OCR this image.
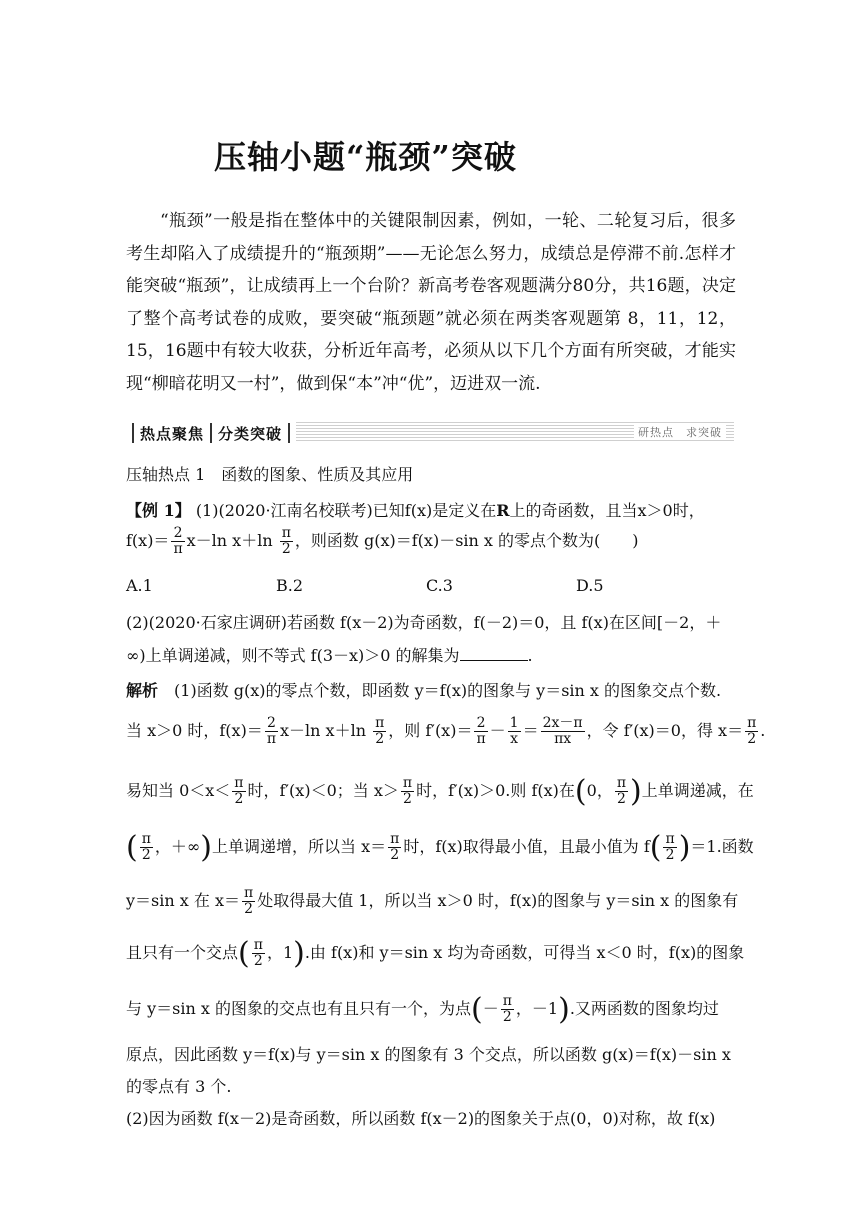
压轴小题“瓶颈”突破

“瓶颈”一般是指在整体中的关键限制因素，例如，一轮、二轮复习后，很多考生却陷入了成绩提升的“瓶颈期”——无论怎么努力，成绩总是停滞不前.怎样才能突破“瓶颈”，让成绩再上一个台阶？新高考卷客观题满分80分，共16题，决定了整个高考试卷的成败，要突破“瓶颈题”就必须在两类客观题第 8，11，12，15，16题中有较大收获，分析近年高考，必须从以下几个方面有所突破，才能实现“柳暗花明又一村”，做到保“本”冲“优”，迈进双一流.

热点聚焦 分类突破	研热点　求突破
压轴热点 1　函数的图象、性质及其应用
【例 1】 (1)(2020·江南名校联考)已知f(x)是定义在R上的奇函数，且当x＞0时，
$f(x)= \frac{2}{\pi} x-\ln$ $x+\ln \frac{\pi}{2}$ ，则函数 g(x)＝f(x)－sin x 的零点个数为(　　)
A.1	B.2	C.3	D.5
(2)(2020·石家庄调研)若函数 f(x－2)为奇函数，f(－2)＝0，且 f(x)在区间[－2，＋
∞)上单调递减，则不等式 f(3－x)＞0 的解集为	.
解析　 (1)函数 g(x)的零点个数，即函数 y＝f(x)的图象与 y＝sin x 的图象交点个数.
当 x＞0 时，$f(x)= \frac{2}{\pi} x-\ln$ $x+\ln \frac{\pi}{2}$ ，则 $f'(x)= \frac{2}{\pi} - \frac{1}{x} = \frac{2x-\pi}{\pi x}$ ，令 f′(x)＝0，得 $x= \frac{\pi}{2}$ .
易知当 $0<x< \frac{\pi}{2}$ 时，f′(x)＜0；当 $x> \frac{\pi}{2}$ 时，f′(x)＞0.则 f(x)在(0， $\frac{\pi}{2}$ )上单调递减，在
( $\frac{\pi}{2}$ ，＋∞)上单调递增，所以当 $x= \frac{\pi}{2}$ 时，f(x)取得最小值，且最小值为 $f( \frac{\pi}{2} )=1$.函数
y＝sin x 在 $x= \frac{\pi}{2}$ 处取得最大值 1，所以当 x＞0 时，f(x)的图象与 y＝sin x 的图象有
且只有一个交点( $\frac{\pi}{2}$ ，1).由 f(x)和 y＝sin x 均为奇函数，可得当 x＜0 时，f(x)的图象
与 y＝sin x 的图象的交点也有且只有一个，为点(－ $\frac{\pi}{2}$ ，－1).又两函数的图象均过
原点，因此函数 y＝f(x)与 y＝sin x 的图象有 3 个交点，所以函数 g(x)＝f(x)－sin x
的零点有 3 个.
(2)因为函数 f(x－2)是奇函数，所以函数 f(x－2)的图象关于点(0，0)对称，故 f(x)
